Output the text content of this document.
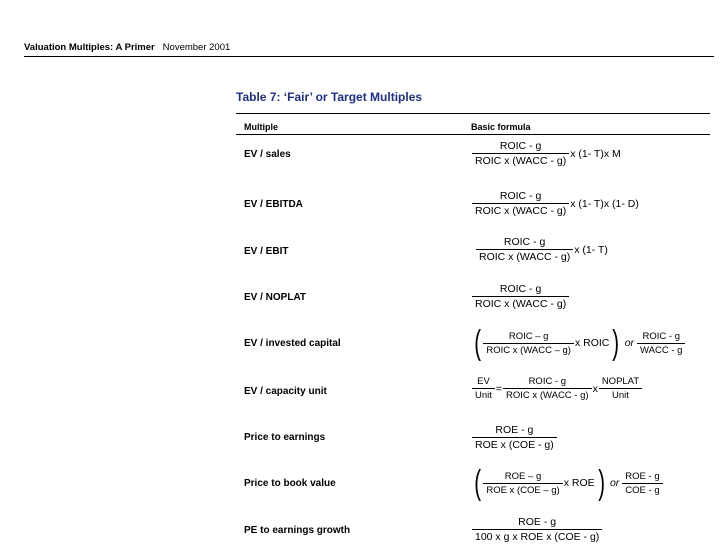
Valuation Multiples: A Primer November 2001
Table 7: ‘Fair’ or Target Multiples
Multiple	Basic formula
EV / sales	$\frac{\text{ROIC - g}}{\text{ROIC x (WACC - g)}}$ x (1- T)x M
EV / EBITDA	$\frac{\text{ROIC - g}}{\text{ROIC x (WACC - g)}}$ x (1- T)x (1- D)
EV / EBIT	$\frac{\text{ROIC - g}}{\text{ROIC x (WACC - g)}}$ x (1- T)
EV / NOPLAT	$\frac{\text{ROIC - g}}{\text{ROIC x (WACC - g)}}$
EV / invested capital	( $\frac{\text{ROIC – g}}{\text{ROIC x (WACC – g)}}$ x ROIC) or $\frac{\text{ROIC - g}}{\text{WACC - g}}$
EV / capacity unit	$\frac{EV}{\text{Unit}} = \frac{\text{ROIC - g}}{\text{ROIC x (WACC - g)}}$ x $\frac{\text{NOPLAT}}{\text{Unit}}$
Price to earnings	$\frac{\text{ROE - g}}{\text{ROE x (COE - g)}}$
Price to book value	( $\frac{\text{ROE – g}}{\text{ROE x (COE – g)}}$ x ROE) or $\frac{\text{ROE - g}}{\text{COE - g}}$
PE to earnings growth	$\frac{\text{ROE - g}}{\text{100 x g x ROE x (COE - g)}}$
